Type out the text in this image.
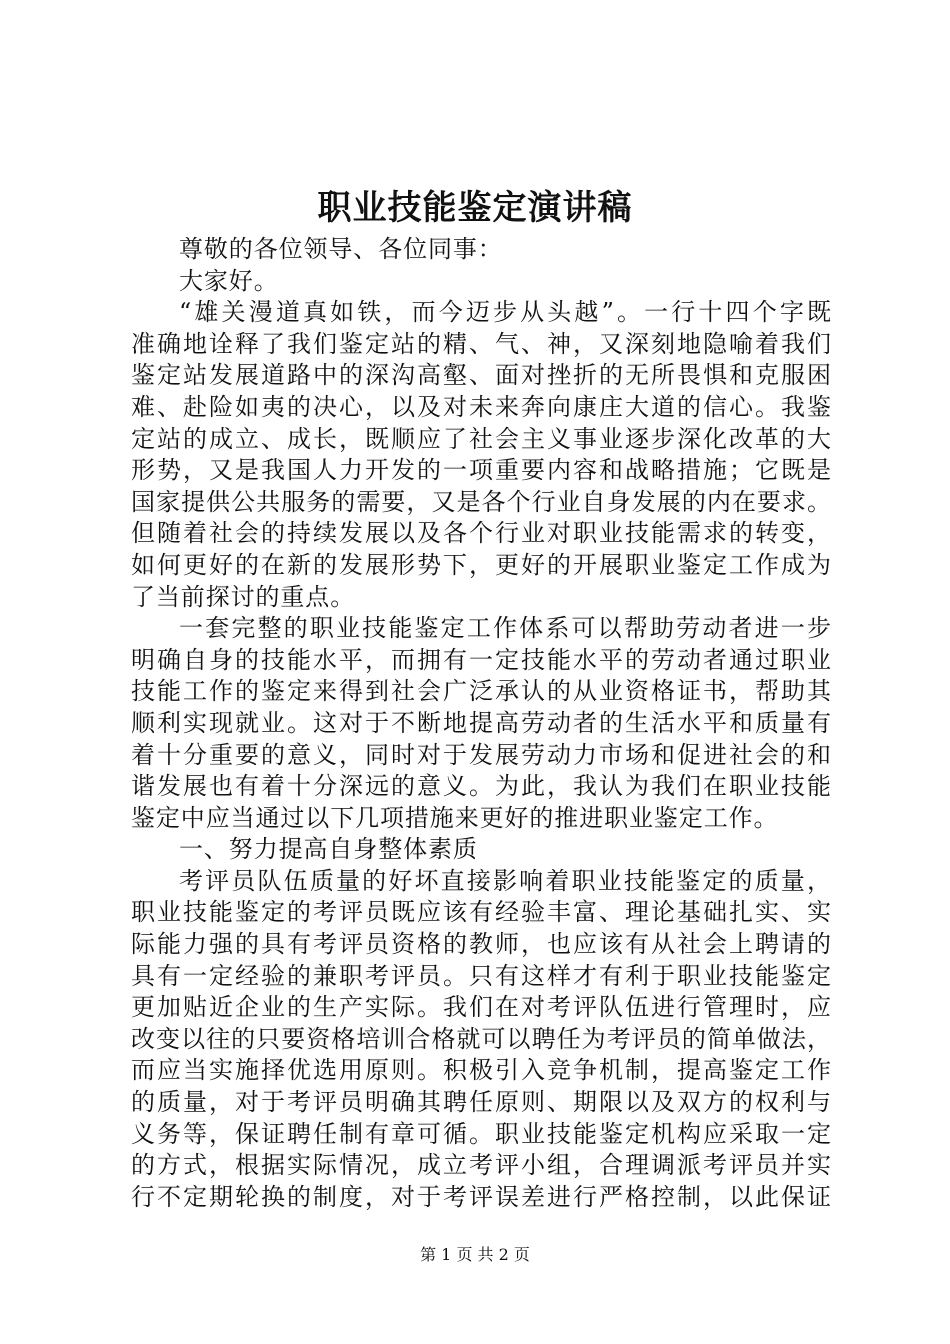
职业技能鉴定演讲稿
尊敬的各位领导、各位同事：
大家好。
“雄关漫道真如铁，而今迈步从头越”。一行十四个字既
准确地诠释了我们鉴定站的精、气、神，又深刻地隐喻着我们
鉴定站发展道路中的深沟高壑、面对挫折的无所畏惧和克服困
难、赴险如夷的决心，以及对未来奔向康庄大道的信心。我鉴
定站的成立、成长，既顺应了社会主义事业逐步深化改革的大
形势，又是我国人力开发的一项重要内容和战略措施；它既是
国家提供公共服务的需要，又是各个行业自身发展的内在要求。
但随着社会的持续发展以及各个行业对职业技能需求的转变，
如何更好的在新的发展形势下，更好的开展职业鉴定工作成为
了当前探讨的重点。
一套完整的职业技能鉴定工作体系可以帮助劳动者进一步
明确自身的技能水平，而拥有一定技能水平的劳动者通过职业
技能工作的鉴定来得到社会广泛承认的从业资格证书，帮助其
顺利实现就业。这对于不断地提高劳动者的生活水平和质量有
着十分重要的意义，同时对于发展劳动力市场和促进社会的和
谐发展也有着十分深远的意义。为此，我认为我们在职业技能
鉴定中应当通过以下几项措施来更好的推进职业鉴定工作。
一、努力提高自身整体素质
考评员队伍质量的好坏直接影响着职业技能鉴定的质量，
职业技能鉴定的考评员既应该有经验丰富、理论基础扎实、实
际能力强的具有考评员资格的教师，也应该有从社会上聘请的
具有一定经验的兼职考评员。只有这样才有利于职业技能鉴定
更加贴近企业的生产实际。我们在对考评队伍进行管理时，应
改变以往的只要资格培训合格就可以聘任为考评员的简单做法，
而应当实施择优选用原则。积极引入竞争机制，提高鉴定工作
的质量，对于考评员明确其聘任原则、期限以及双方的权利与
义务等，保证聘任制有章可循。职业技能鉴定机构应采取一定
的方式，根据实际情况，成立考评小组，合理调派考评员并实
行不定期轮换的制度，对于考评误差进行严格控制，以此保证
第 1 页 共 2 页
